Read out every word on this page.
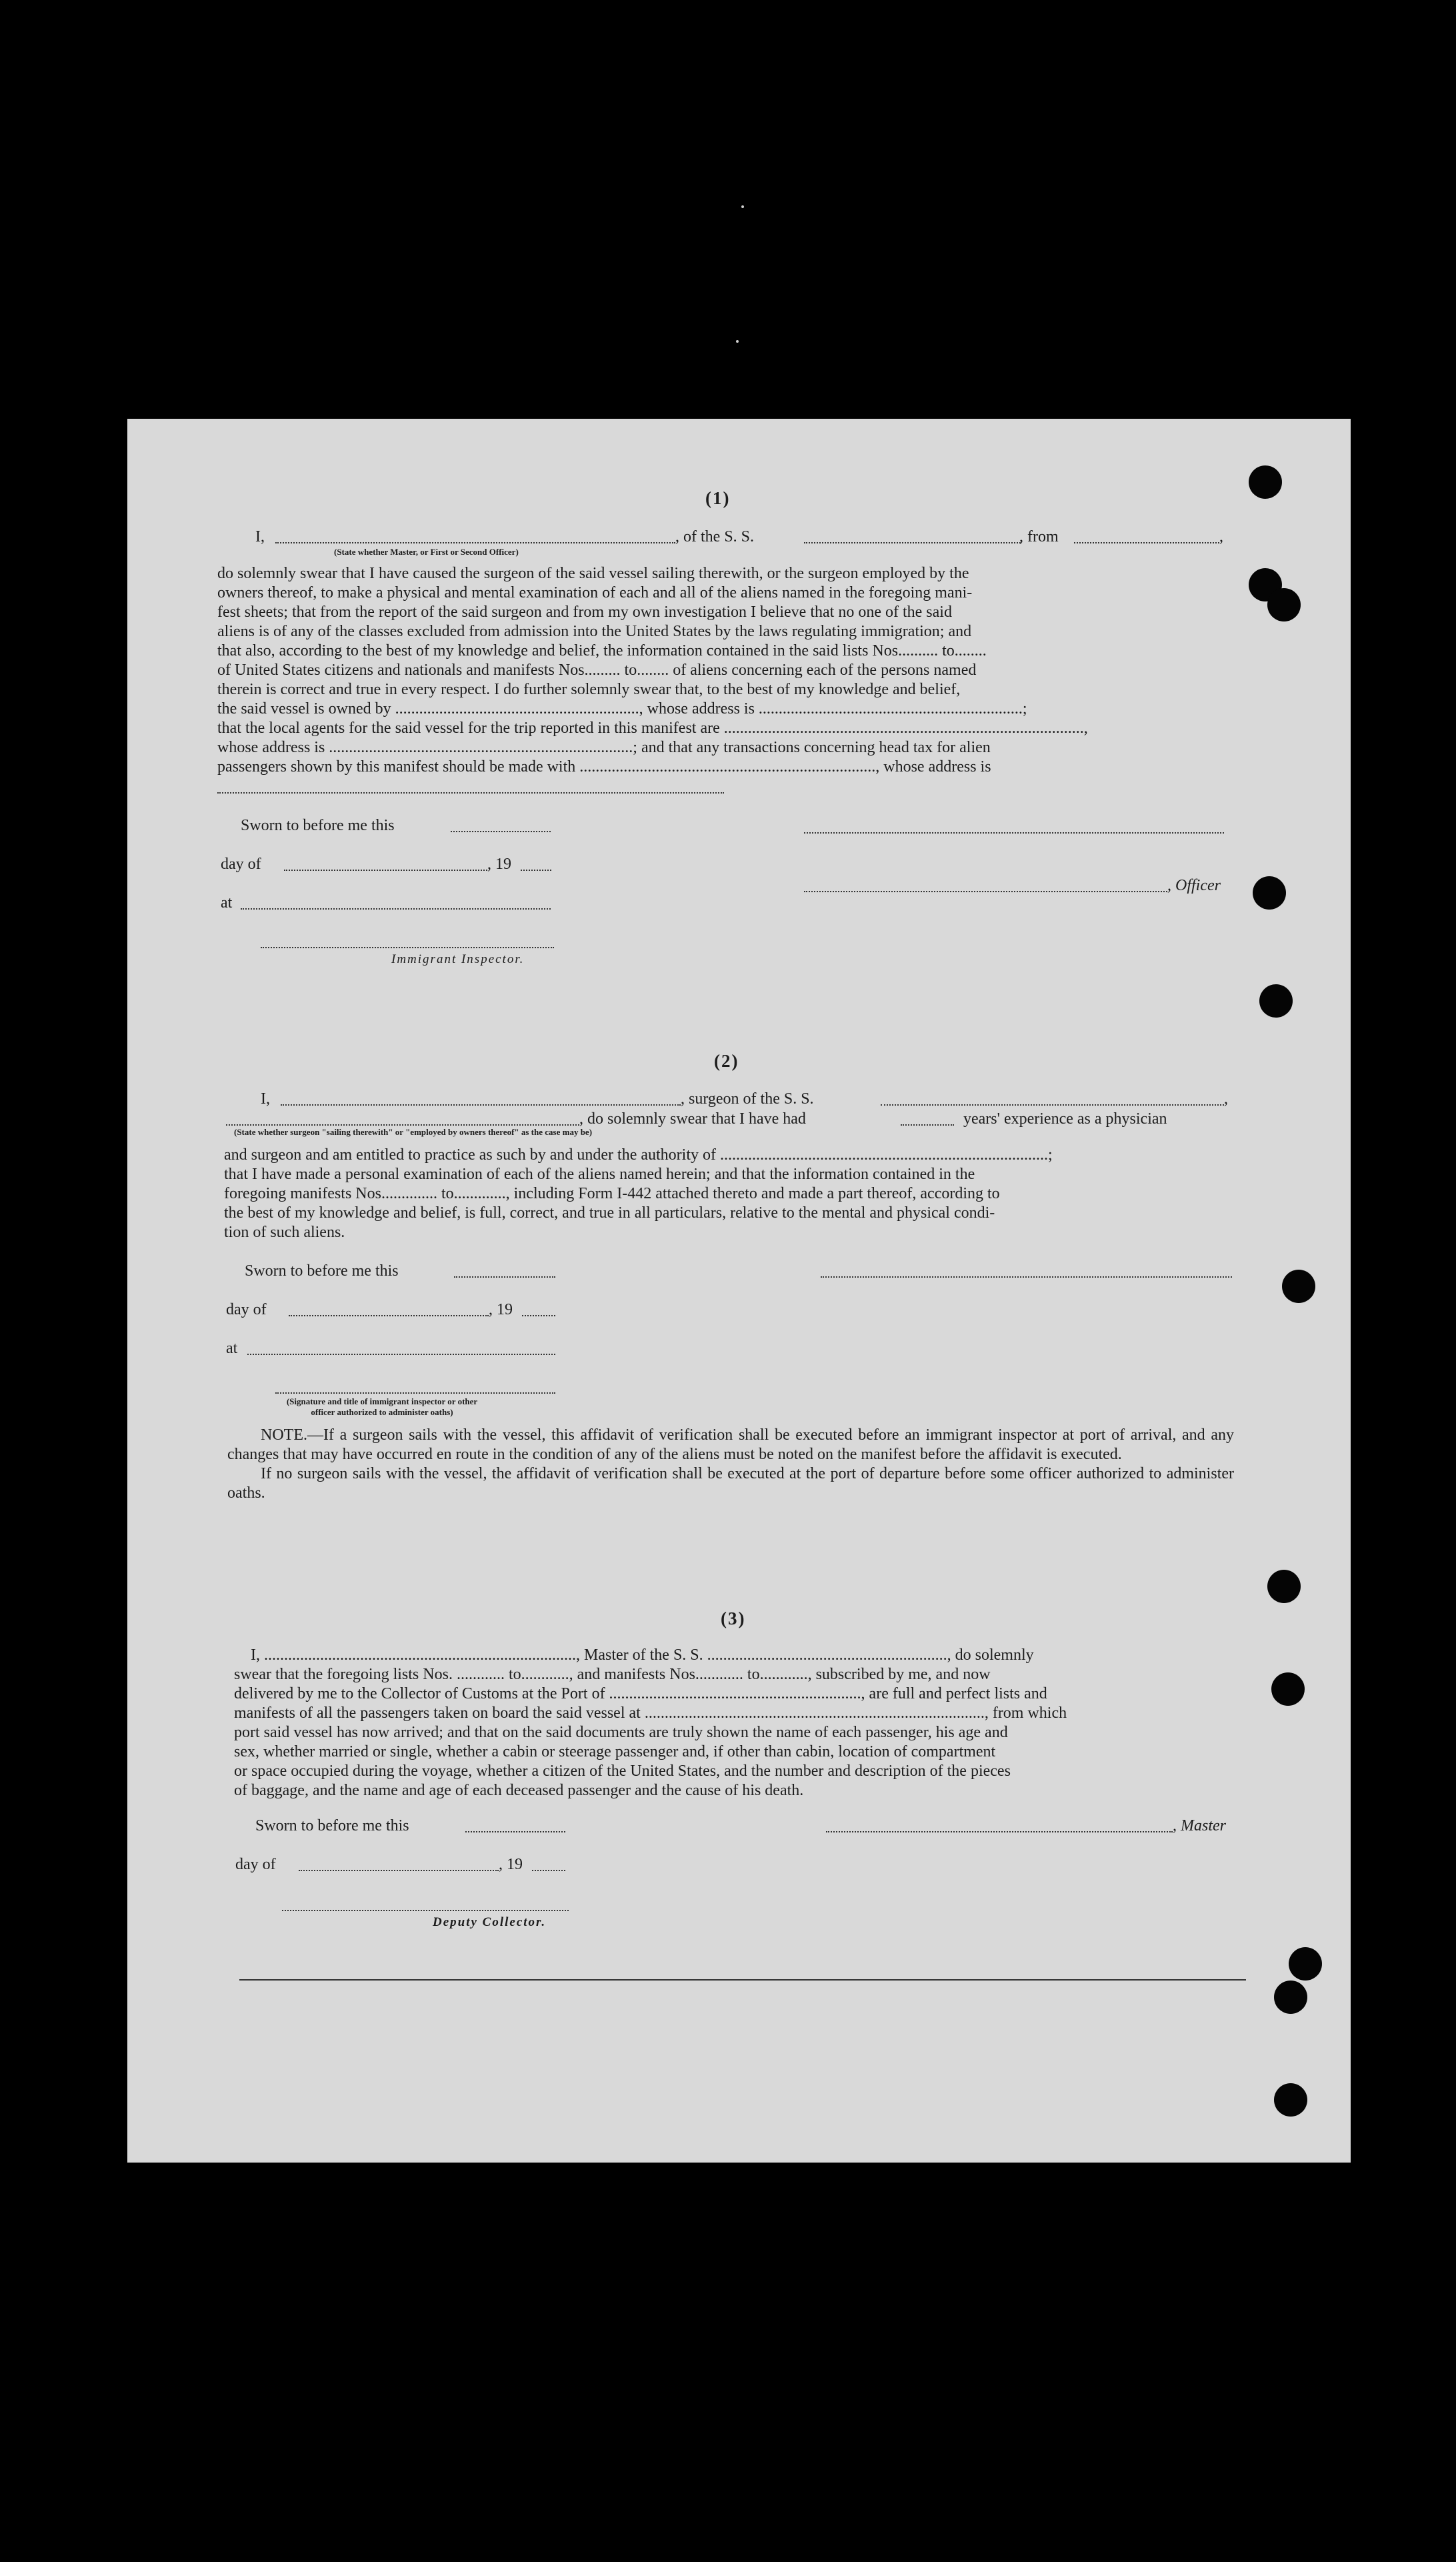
(1)
I,	, of the S. S.	, from	,
(State whether Master, or First or Second Officer)
do solemnly swear that I have caused the surgeon of the said vessel sailing therewith, or the surgeon employed by the
owners thereof, to make a physical and mental examination of each and all of the aliens named in the foregoing mani-
fest sheets; that from the report of the said surgeon and from my own investigation I believe that no one of the said
aliens is of any of the classes excluded from admission into the United States by the laws regulating immigration; and
that also, according to the best of my knowledge and belief, the information contained in the said lists Nos.......... to........
of United States citizens and nationals and manifests Nos......... to........ of aliens concerning each of the persons named
therein is correct and true in every respect. I do further solemnly swear that, to the best of my knowledge and belief,
the said vessel is owned by ............................................................., whose address is ..................................................................;
that the local agents for the said vessel for the trip reported in this manifest are ..........................................................................................,
whose address is ............................................................................; and that any transactions concerning head tax for alien
passengers shown by this manifest should be made with .........................................................................., whose address is
Sworn to before me this
day of	, 19
, Officer
at
Immigrant Inspector.
(2)
I,	, surgeon of the S. S.	,
, do solemnly swear that I have had	years' experience as a physician
(State whether surgeon "sailing therewith" or "employed by owners thereof" as the case may be)
and surgeon and am entitled to practice as such by and under the authority of ..................................................................................;
that I have made a personal examination of each of the aliens named herein; and that the information contained in the
foregoing manifests Nos.............. to............., including Form I-442 attached thereto and made a part thereof, according to
the best of my knowledge and belief, is full, correct, and true in all particulars, relative to the mental and physical condi-
tion of such aliens.
Sworn to before me this
day of	, 19
at
(Signature and title of immigrant inspector or other officer authorized to administer oaths)
NOTE.—If a surgeon sails with the vessel, this affidavit of verification shall be executed before an immigrant inspector at port of arrival, and any changes that may have occurred en route in the condition of any of the aliens must be noted on the manifest before the affidavit is executed.
If no surgeon sails with the vessel, the affidavit of verification shall be executed at the port of departure before some officer authorized to administer oaths.
(3)
I, .............................................................................., Master of the S. S. ............................................................, do solemnly
swear that the foregoing lists Nos. ............ to............, and manifests Nos............ to............, subscribed by me, and now
delivered by me to the Collector of Customs at the Port of ..............................................................., are full and perfect lists and
manifests of all the passengers taken on board the said vessel at ....................................................................................., from which
port said vessel has now arrived; and that on the said documents are truly shown the name of each passenger, his age and
sex, whether married or single, whether a cabin or steerage passenger and, if other than cabin, location of compartment
or space occupied during the voyage, whether a citizen of the United States, and the number and description of the pieces
of baggage, and the name and age of each deceased passenger and the cause of his death.
Sworn to before me this	, Master
day of	, 19
Deputy Collector.
